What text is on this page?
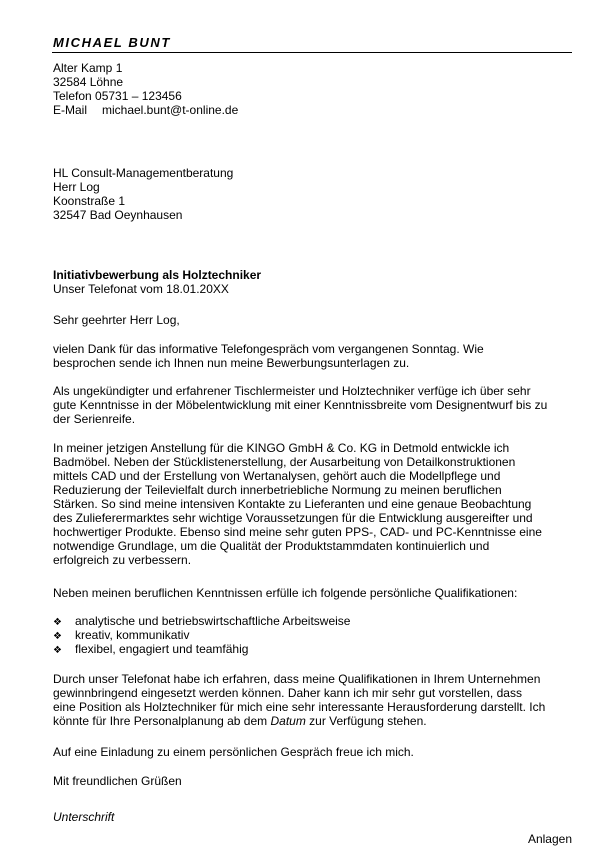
MICHAEL BUNT
Alter Kamp 1
32584 Löhne
Telefon 05731 – 123456
E-Mail michael.bunt@t-online.de
HL Consult-Managementberatung
Herr Log
Koonstraße 1
32547 Bad Oeynhausen
Initiativbewerbung als Holztechniker
Unser Telefonat vom 18.01.20XX
Sehr geehrter Herr Log,
vielen Dank für das informative Telefongespräch vom vergangenen Sonntag. Wie
besprochen sende ich Ihnen nun meine Bewerbungsunterlagen zu.
Als ungekündigter und erfahrener Tischlermeister und Holztechniker verfüge ich über sehr
gute Kenntnisse in der Möbelentwicklung mit einer Kenntnissbreite vom Designentwurf bis zu
der Serienreife.
In meiner jetzigen Anstellung für die KINGO GmbH & Co. KG in Detmold entwickle ich
Badmöbel. Neben der Stücklistenerstellung, der Ausarbeitung von Detailkonstruktionen
mittels CAD und der Erstellung von Wertanalysen, gehört auch die Modellpflege und
Reduzierung der Teilevielfalt durch innerbetriebliche Normung zu meinen beruflichen
Stärken. So sind meine intensiven Kontakte zu Lieferanten und eine genaue Beobachtung
des Zulieferermarktes sehr wichtige Voraussetzungen für die Entwicklung ausgereifter und
hochwertiger Produkte. Ebenso sind meine sehr guten PPS-, CAD- und PC-Kenntnisse eine
notwendige Grundlage, um die Qualität der Produktstammdaten kontinuierlich und
erfolgreich zu verbessern.
Neben meinen beruflichen Kenntnissen erfülle ich folgende persönliche Qualifikationen:
❖	analytische und betriebswirtschaftliche Arbeitsweise
❖	kreativ, kommunikativ
❖	flexibel, engagiert und teamfähig
Durch unser Telefonat habe ich erfahren, dass meine Qualifikationen in Ihrem Unternehmen
gewinnbringend eingesetzt werden können. Daher kann ich mir sehr gut vorstellen, dass
eine Position als Holztechniker für mich eine sehr interessante Herausforderung darstellt. Ich
könnte für Ihre Personalplanung ab dem Datum zur Verfügung stehen.
Auf eine Einladung zu einem persönlichen Gespräch freue ich mich.
Mit freundlichen Grüßen
Unterschrift
Anlagen
